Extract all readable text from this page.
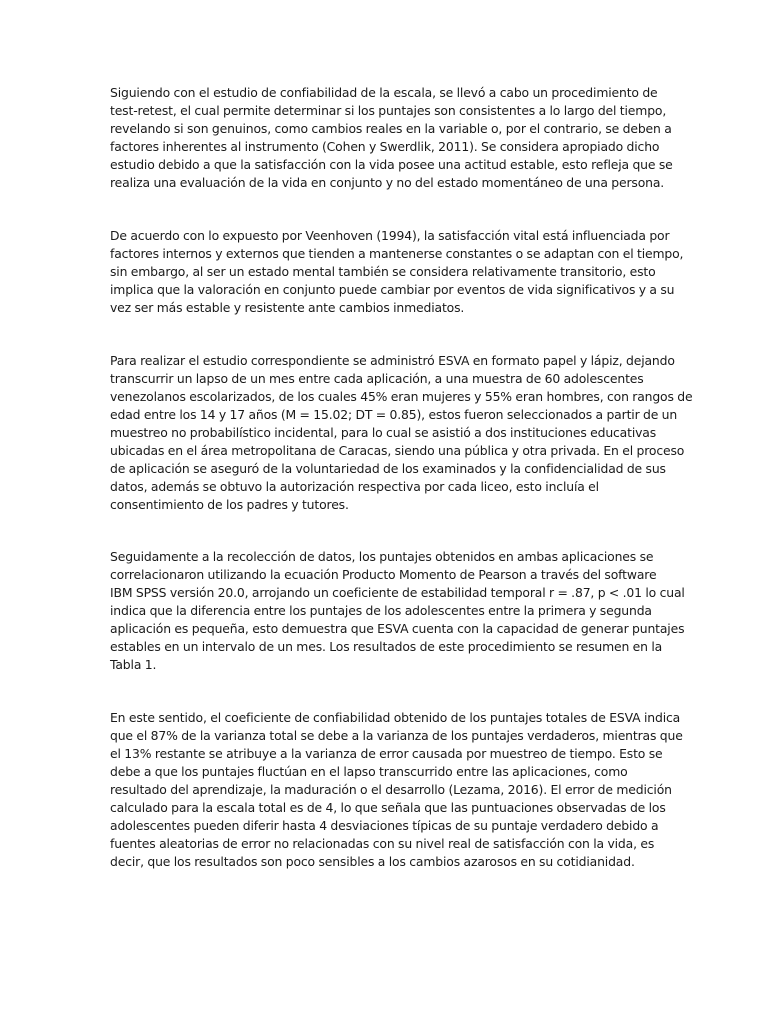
Siguiendo con el estudio de confiabilidad de la escala, se llevó a cabo un procedimiento de
test-retest, el cual permite determinar si los puntajes son consistentes a lo largo del tiempo,
revelando si son genuinos, como cambios reales en la variable o, por el contrario, se deben a
factores inherentes al instrumento (Cohen y Swerdlik, 2011). Se considera apropiado dicho
estudio debido a que la satisfacción con la vida posee una actitud estable, esto refleja que se
realiza una evaluación de la vida en conjunto y no del estado momentáneo de una persona.

De acuerdo con lo expuesto por Veenhoven (1994), la satisfacción vital está influenciada por
factores internos y externos que tienden a mantenerse constantes o se adaptan con el tiempo,
sin embargo, al ser un estado mental también se considera relativamente transitorio, esto
implica que la valoración en conjunto puede cambiar por eventos de vida significativos y a su
vez ser más estable y resistente ante cambios inmediatos.

Para realizar el estudio correspondiente se administró ESVA en formato papel y lápiz, dejando
transcurrir un lapso de un mes entre cada aplicación, a una muestra de 60 adolescentes
venezolanos escolarizados, de los cuales 45% eran mujeres y 55% eran hombres, con rangos de
edad entre los 14 y 17 años (M = 15.02; DT = 0.85), estos fueron seleccionados a partir de un
muestreo no probabilístico incidental, para lo cual se asistió a dos instituciones educativas
ubicadas en el área metropolitana de Caracas, siendo una pública y otra privada. En el proceso
de aplicación se aseguró de la voluntariedad de los examinados y la confidencialidad de sus
datos, además se obtuvo la autorización respectiva por cada liceo, esto incluía el
consentimiento de los padres y tutores.

Seguidamente a la recolección de datos, los puntajes obtenidos en ambas aplicaciones se
correlacionaron utilizando la ecuación Producto Momento de Pearson a través del software
IBM SPSS versión 20.0, arrojando un coeficiente de estabilidad temporal r = .87, p < .01 lo cual
indica que la diferencia entre los puntajes de los adolescentes entre la primera y segunda
aplicación es pequeña, esto demuestra que ESVA cuenta con la capacidad de generar puntajes
estables en un intervalo de un mes. Los resultados de este procedimiento se resumen en la
Tabla 1.

En este sentido, el coeficiente de confiabilidad obtenido de los puntajes totales de ESVA indica
que el 87% de la varianza total se debe a la varianza de los puntajes verdaderos, mientras que
el 13% restante se atribuye a la varianza de error causada por muestreo de tiempo. Esto se
debe a que los puntajes fluctúan en el lapso transcurrido entre las aplicaciones, como
resultado del aprendizaje, la maduración o el desarrollo (Lezama, 2016). El error de medición
calculado para la escala total es de 4, lo que señala que las puntuaciones observadas de los
adolescentes pueden diferir hasta 4 desviaciones típicas de su puntaje verdadero debido a
fuentes aleatorias de error no relacionadas con su nivel real de satisfacción con la vida, es
decir, que los resultados son poco sensibles a los cambios azarosos en su cotidianidad.
